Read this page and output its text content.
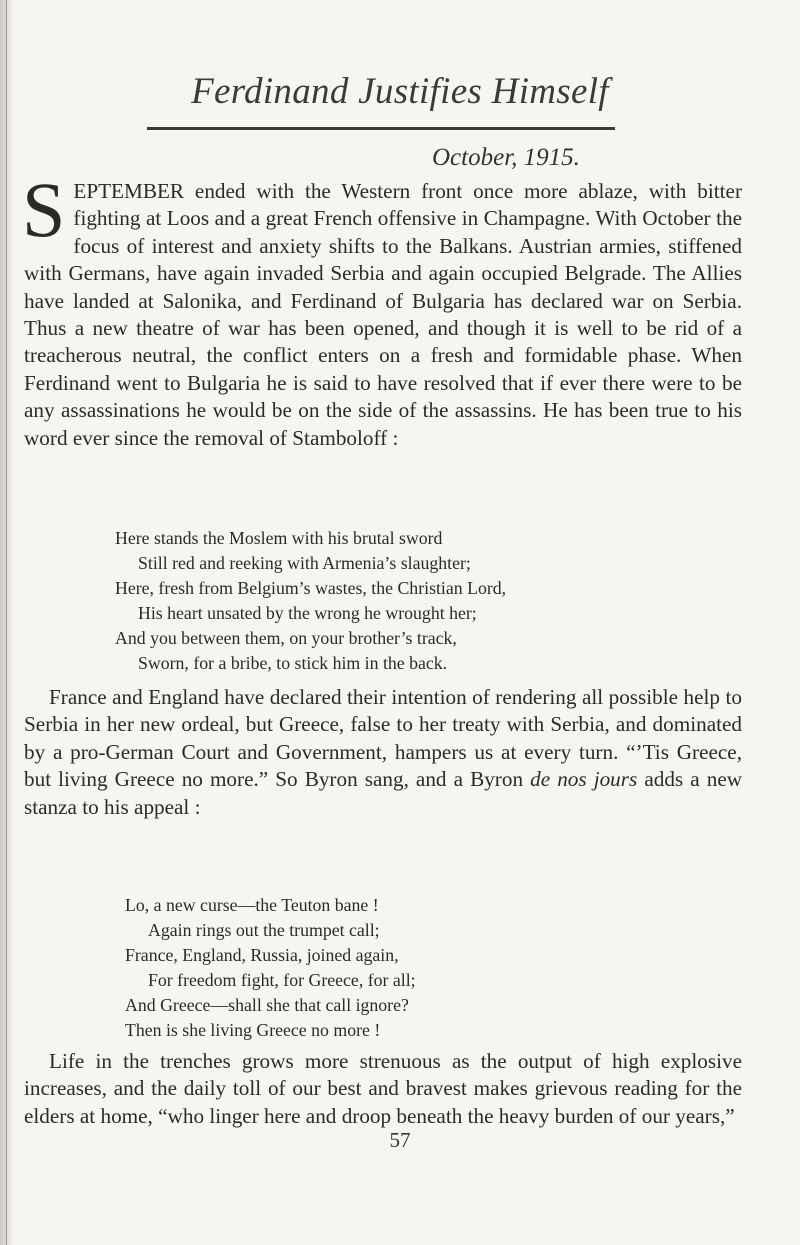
Ferdinand Justifies Himself
October, 1915.
SEPTEMBER ended with the Western front once more ablaze, with bitter fighting at Loos and a great French offensive in Champagne. With October the focus of interest and anxiety shifts to the Balkans. Austrian armies, stiffened with Germans, have again invaded Serbia and again occupied Belgrade. The Allies have landed at Salonika, and Ferdinand of Bulgaria has declared war on Serbia. Thus a new theatre of war has been opened, and though it is well to be rid of a treacherous neutral, the conflict enters on a fresh and formidable phase. When Ferdinand went to Bulgaria he is said to have resolved that if ever there were to be any assassinations he would be on the side of the assassins. He has been true to his word ever since the removal of Stamboloff :
Here stands the Moslem with his brutal sword
Still red and reeking with Armenia’s slaughter;
Here, fresh from Belgium’s wastes, the Christian Lord,
His heart unsated by the wrong he wrought her;
And you between them, on your brother’s track,
Sworn, for a bribe, to stick him in the back.
France and England have declared their intention of rendering all possible help to Serbia in her new ordeal, but Greece, false to her treaty with Serbia, and dominated by a pro-German Court and Government, hampers us at every turn. “’Tis Greece, but living Greece no more.” So Byron sang, and a Byron de nos jours adds a new stanza to his appeal :
Lo, a new curse—the Teuton bane !
Again rings out the trumpet call;
France, England, Russia, joined again,
For freedom fight, for Greece, for all;
And Greece—shall she that call ignore?
Then is she living Greece no more !
Life in the trenches grows more strenuous as the output of high explosive increases, and the daily toll of our best and bravest makes grievous reading for the elders at home, “who linger here and droop beneath the heavy burden of our years,”
57
